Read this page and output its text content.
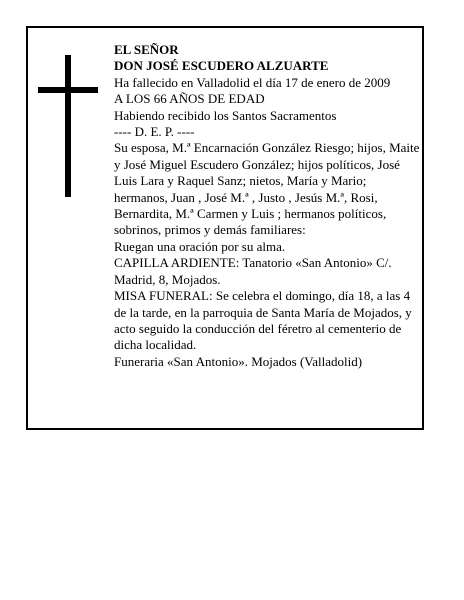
EL SEÑOR

DON JOSÉ ESCUDERO ALZUARTE

Ha fallecido en Valladolid el día 17 de enero de 2009

A LOS 66 AÑOS DE EDAD

Habiendo recibido los Santos Sacramentos

---- D. E. P. ----

Su esposa, M.ª Encarnación González Riesgo; hijos, Maite y José Miguel Escudero González; hijos políticos, José Luis Lara y Raquel Sanz; nietos, María y Mario; hermanos, Juan , José M.ª , Justo , Jesús M.ª, Rosi, Bernardita, M.ª Carmen y Luis ; hermanos políticos, sobrinos, primos y demás familiares:

Ruegan una oración por su alma.

CAPILLA ARDIENTE: Tanatorio «San Antonio» C/. Madrid, 8, Mojados.

MISA FUNERAL: Se celebra el domingo, día 18, a las 4 de la tarde, en la parroquia de Santa María de Mojados, y acto seguido la conducción del féretro al cementerio de dicha localidad.

Funeraria «San Antonio». Mojados (Valladolid)
